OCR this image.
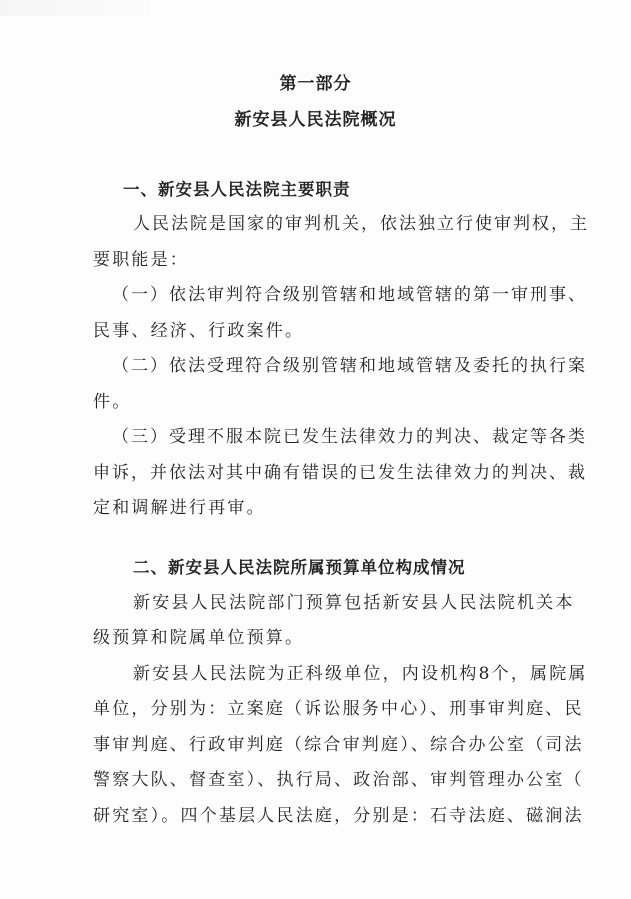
第一部分
新安县人民法院概况
一、新安县人民法院主要职责
人民法院是国家的审判机关，依法独立行使审判权，主
要职能是：
（一）依法审判符合级别管辖和地域管辖的第一审刑事、
民事、经济、行政案件。
（二）依法受理符合级别管辖和地域管辖及委托的执行案
件。
（三）受理不服本院已发生法律效力的判决、裁定等各类
申诉，并依法对其中确有错误的已发生法律效力的判决、裁
定和调解进行再审。
二、新安县人民法院所属预算单位构成情况
新安县人民法院部门预算包括新安县人民法院机关本
级预算和院属单位预算。
新安县人民法院为正科级单位，内设机构8个，属院属
单位，分别为：立案庭（诉讼服务中心）、刑事审判庭、民
事审判庭、行政审判庭（综合审判庭）、综合办公室（司法
警察大队、督查室）、执行局、政治部、审判管理办公室（
研究室）。四个基层人民法庭，分别是：石寺法庭、磁涧法
